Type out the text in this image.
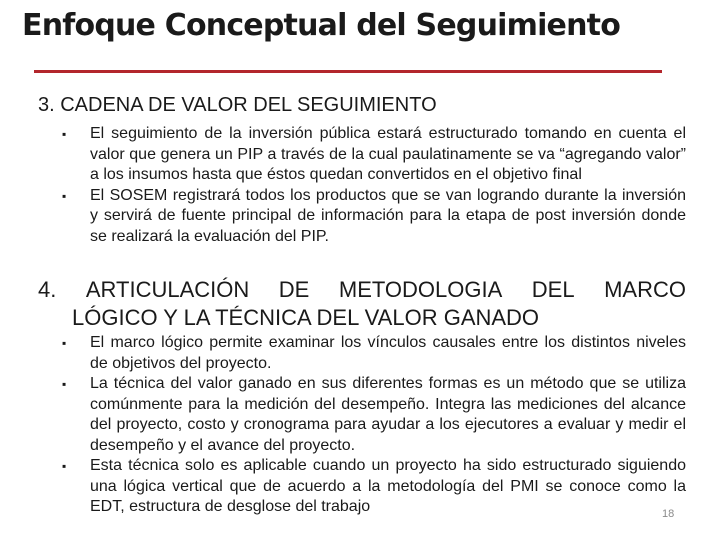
Enfoque Conceptual del Seguimiento
3. CADENA DE VALOR DEL SEGUIMIENTO
▪ El seguimiento de la inversión pública estará estructurado tomando en cuenta el valor que genera un PIP a través de la cual paulatinamente se va “agregando valor” a los insumos hasta que éstos quedan convertidos en el objetivo final
▪ El SOSEM registrará todos los productos que se van logrando durante la inversión y servirá de fuente principal de información para la etapa de post inversión donde se realizará la evaluación del PIP.
4. ARTICULACIÓN DE METODOLOGIA DEL MARCO
LÓGICO Y LA TÉCNICA DEL VALOR GANADO
▪ El marco lógico permite examinar los vínculos causales entre los distintos niveles de objetivos del proyecto.
▪ La técnica del valor ganado en sus diferentes formas es un método que se utiliza comúnmente para la medición del desempeño. Integra las mediciones del alcance del proyecto, costo y cronograma para ayudar a los ejecutores a evaluar y medir el desempeño y el avance del proyecto.
▪ Esta técnica solo es aplicable cuando un proyecto ha sido estructurado siguiendo una lógica vertical que de acuerdo a la metodología del PMI se conoce como la EDT, estructura de desglose del trabajo	18
